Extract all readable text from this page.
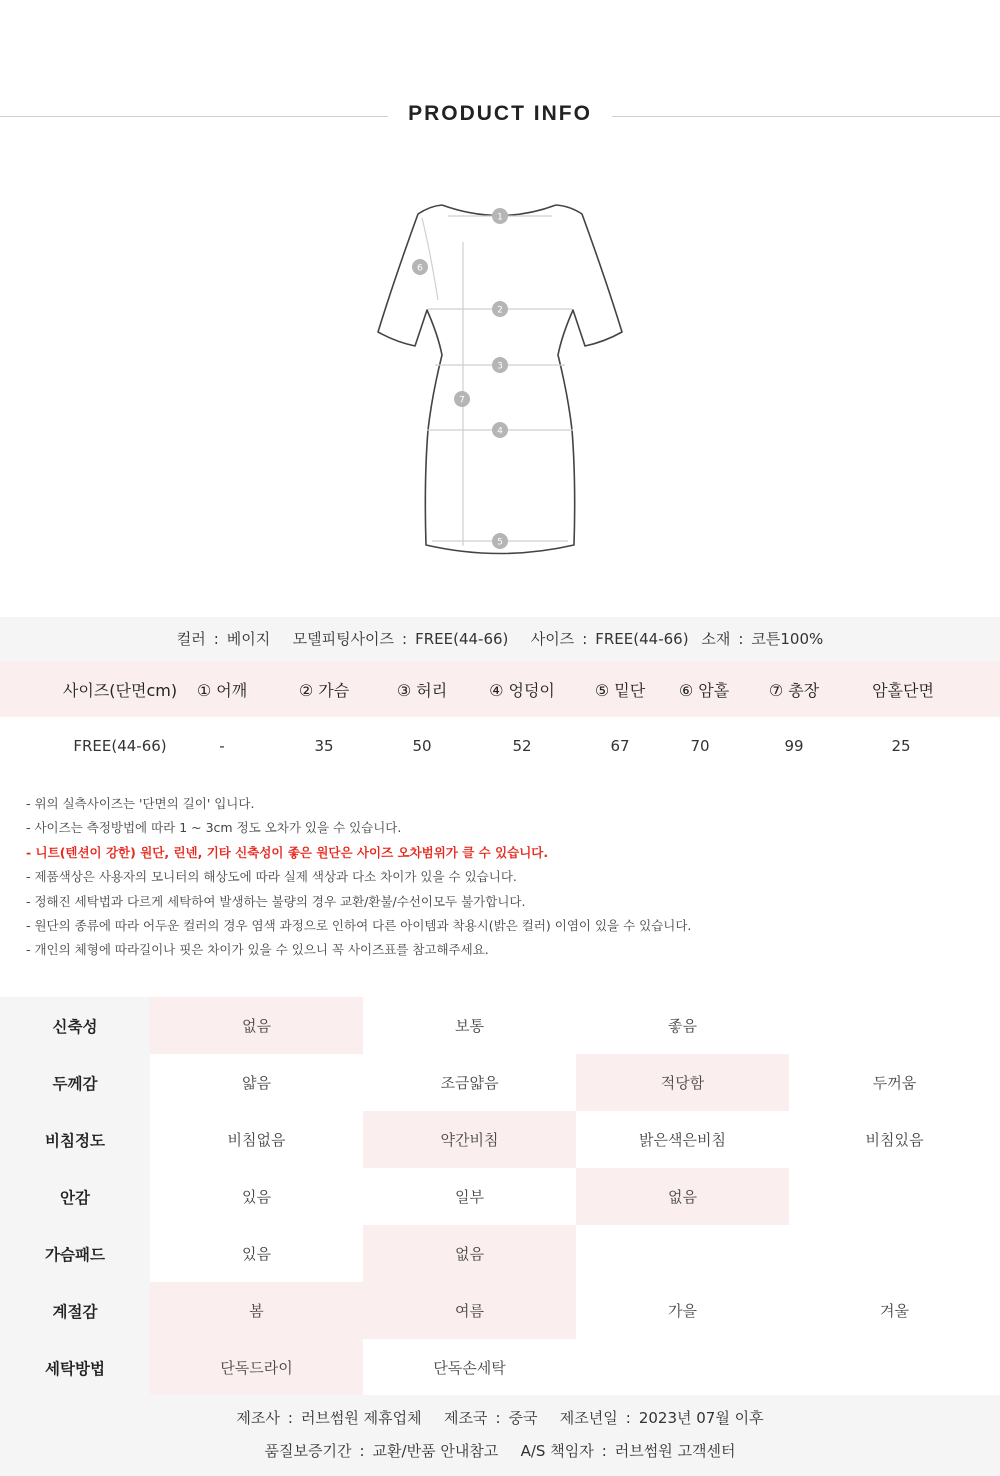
PRODUCT INFO
1
2
3
4
5
6
7
컬러 : 베이지 모델피팅사이즈 : FREE(44-66) 사이즈 : FREE(44-66) 소재 : 코튼100%
사이즈(단면cm)	① 어깨	② 가슴	③ 허리	④ 엉덩이	⑤ 밑단	⑥ 암홀	⑦ 총장	암홀단면
FREE(44-66)	-	35	50	52	67	70	99	25
- 위의 실측사이즈는 '단면의 길이' 입니다.
- 사이즈는 측정방법에 따라 1 ~ 3cm 정도 오차가 있을 수 있습니다.
- 니트(텐션이 강한) 원단, 린넨, 기타 신축성이 좋은 원단은 사이즈 오차범위가 클 수 있습니다.
- 제품색상은 사용자의 모니터의 해상도에 따라 실제 색상과 다소 차이가 있을 수 있습니다.
- 정해진 세탁법과 다르게 세탁하여 발생하는 불량의 경우 교환/환불/수선이모두 불가합니다.
- 원단의 종류에 따라 어두운 컬러의 경우 염색 과정으로 인하여 다른 아이템과 착용시(밝은 컬러) 이염이 있을 수 있습니다.
- 개인의 체형에 따라길이나 핏은 차이가 있을 수 있으니 꼭 사이즈표를 참고해주세요.
신축성	없음	보통	좋음
두께감	얇음	조금얇음	적당함	두꺼움
비침정도	비침없음	약간비침	밝은색은비침	비침있음
안감	있음	일부	없음
가슴패드	있음	없음
계절감	봄	여름	가을	겨울
세탁방법	단독드라이	단독손세탁
제조사 : 러브썸원 제휴업체 제조국 : 중국 제조년일 : 2023년 07월 이후
품질보증기간 : 교환/반품 안내참고 A/S 책임자 : 러브썸원 고객센터
